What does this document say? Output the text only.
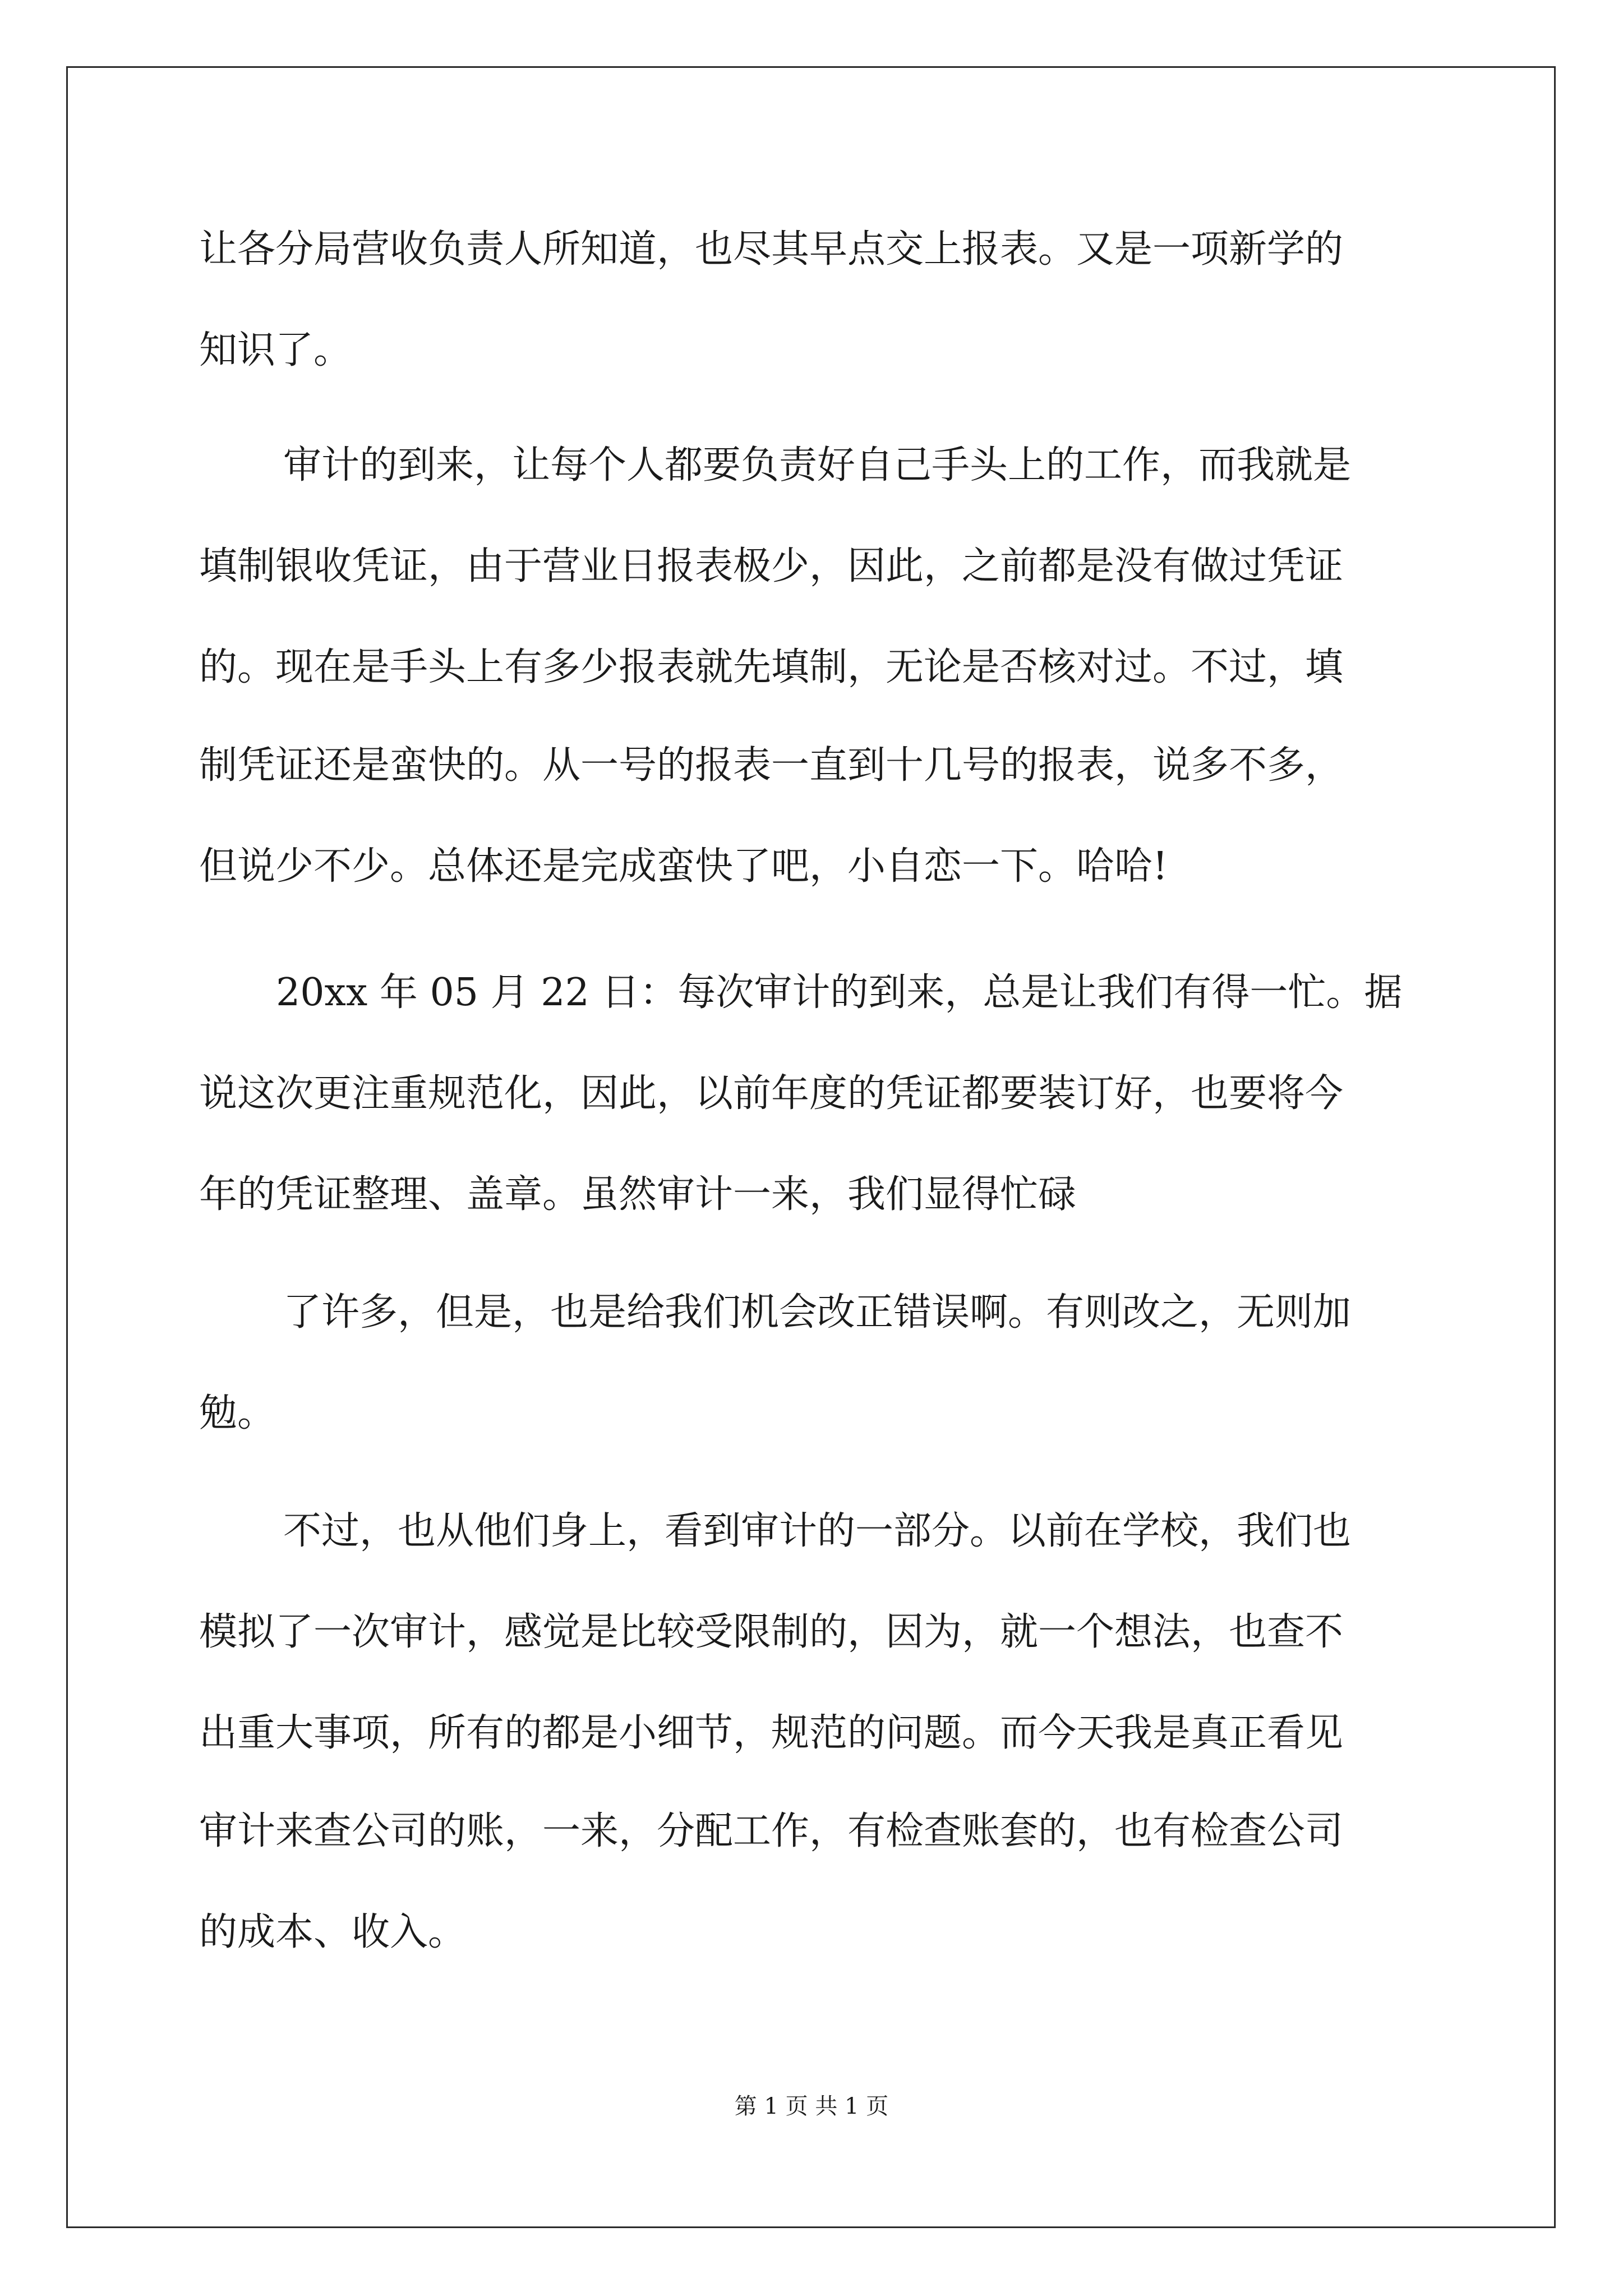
让各分局营收负责人所知道，也尽其早点交上报表。又是一项新学的
知识了。
审计的到来，让每个人都要负责好自己手头上的工作，而我就是
填制银收凭证，由于营业日报表极少，因此，之前都是没有做过凭证
的。现在是手头上有多少报表就先填制，无论是否核对过。不过，填
制凭证还是蛮快的。从一号的报表一直到十几号的报表，说多不多，
但说少不少。总体还是完成蛮快了吧，小自恋一下。哈哈!
20xx 年 05 月 22 日：每次审计的到来，总是让我们有得一忙。据
说这次更注重规范化，因此，以前年度的凭证都要装订好，也要将今
年的凭证整理、盖章。虽然审计一来，我们显得忙碌
了许多，但是，也是给我们机会改正错误啊。有则改之，无则加
勉。
不过，也从他们身上，看到审计的一部分。以前在学校，我们也
模拟了一次审计，感觉是比较受限制的，因为，就一个想法，也查不
出重大事项，所有的都是小细节，规范的问题。而今天我是真正看见
审计来查公司的账，一来，分配工作，有检查账套的，也有检查公司
的成本、收入。
第 1 页 共 1 页
